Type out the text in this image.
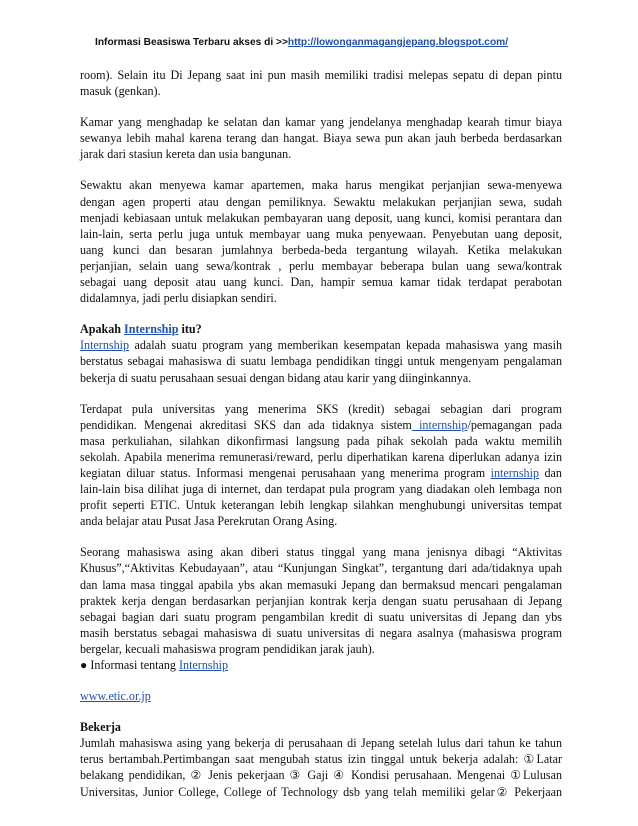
Informasi Beasiswa Terbaru akses di >>http://lowonganmagangjepang.blogspot.com/
room). Selain itu Di Jepang saat ini pun masih memiliki tradisi melepas sepatu di depan pintu
masuk (genkan).
Kamar yang menghadap ke selatan dan kamar yang jendelanya menghadap kearah timur biaya
sewanya lebih mahal karena terang dan hangat. Biaya sewa pun akan jauh berbeda berdasarkan
jarak dari stasiun kereta dan usia bangunan.
Sewaktu akan menyewa kamar apartemen, maka harus mengikat perjanjian sewa-menyewa
dengan agen properti atau dengan pemiliknya. Sewaktu melakukan perjanjian sewa, sudah
menjadi kebiasaan untuk melakukan pembayaran uang deposit, uang kunci, komisi perantara dan
lain-lain, serta perlu juga untuk membayar uang muka penyewaan. Penyebutan uang deposit,
uang kunci dan besaran jumlahnya berbeda-beda tergantung wilayah. Ketika melakukan
perjanjian, selain uang sewa/kontrak , perlu membayar beberapa bulan uang sewa/kontrak
sebagai uang deposit atau uang kunci. Dan, hampir semua kamar tidak terdapat perabotan
didalamnya, jadi perlu disiapkan sendiri.
Apakah Internship itu?
Internship adalah suatu program yang memberikan kesempatan kepada mahasiswa yang masih
berstatus sebagai mahasiswa di suatu lembaga pendidikan tinggi untuk mengenyam pengalaman
bekerja di suatu perusahaan sesuai dengan bidang atau karir yang diinginkannya.
Terdapat pula universitas yang menerima SKS (kredit) sebagai sebagian dari program
pendidikan. Mengenai akreditasi SKS dan ada tidaknya sistem internship/pemagangan pada
masa perkuliahan, silahkan dikonfirmasi langsung pada pihak sekolah pada waktu memilih
sekolah. Apabila menerima remunerasi/reward, perlu diperhatikan karena diperlukan adanya izin
kegiatan diluar status. Informasi mengenai perusahaan yang menerima program internship dan
lain-lain bisa dilihat juga di internet, dan terdapat pula program yang diadakan oleh lembaga non
profit seperti ETIC. Untuk keterangan lebih lengkap silahkan menghubungi universitas tempat
anda belajar atau Pusat Jasa Perekrutan Orang Asing.
Seorang mahasiswa asing akan diberi status tinggal yang mana jenisnya dibagi “Aktivitas
Khusus”,“Aktivitas Kebudayaan”, atau “Kunjungan Singkat”, tergantung dari ada/tidaknya upah
dan lama masa tinggal apabila ybs akan memasuki Jepang dan bermaksud mencari pengalaman
praktek kerja dengan berdasarkan perjanjian kontrak kerja dengan suatu perusahaan di Jepang
sebagai bagian dari suatu program pengambilan kredit di suatu universitas di Jepang dan ybs
masih berstatus sebagai mahasiswa di suatu universitas di negara asalnya (mahasiswa program
bergelar, kecuali mahasiswa program pendidikan jarak jauh).
● Informasi tentang Internship
www.etic.or.jp
Bekerja
Jumlah mahasiswa asing yang bekerja di perusahaan di Jepang setelah lulus dari tahun ke tahun
terus bertambah.Pertimbangan saat mengubah status izin tinggal untuk bekerja adalah: ①Latar
belakang pendidikan, ② Jenis pekerjaan ③ Gaji ④ Kondisi perusahaan. Mengenai ①Lulusan
Universitas, Junior College, College of Technology dsb yang telah memiliki gelar② Pekerjaan
